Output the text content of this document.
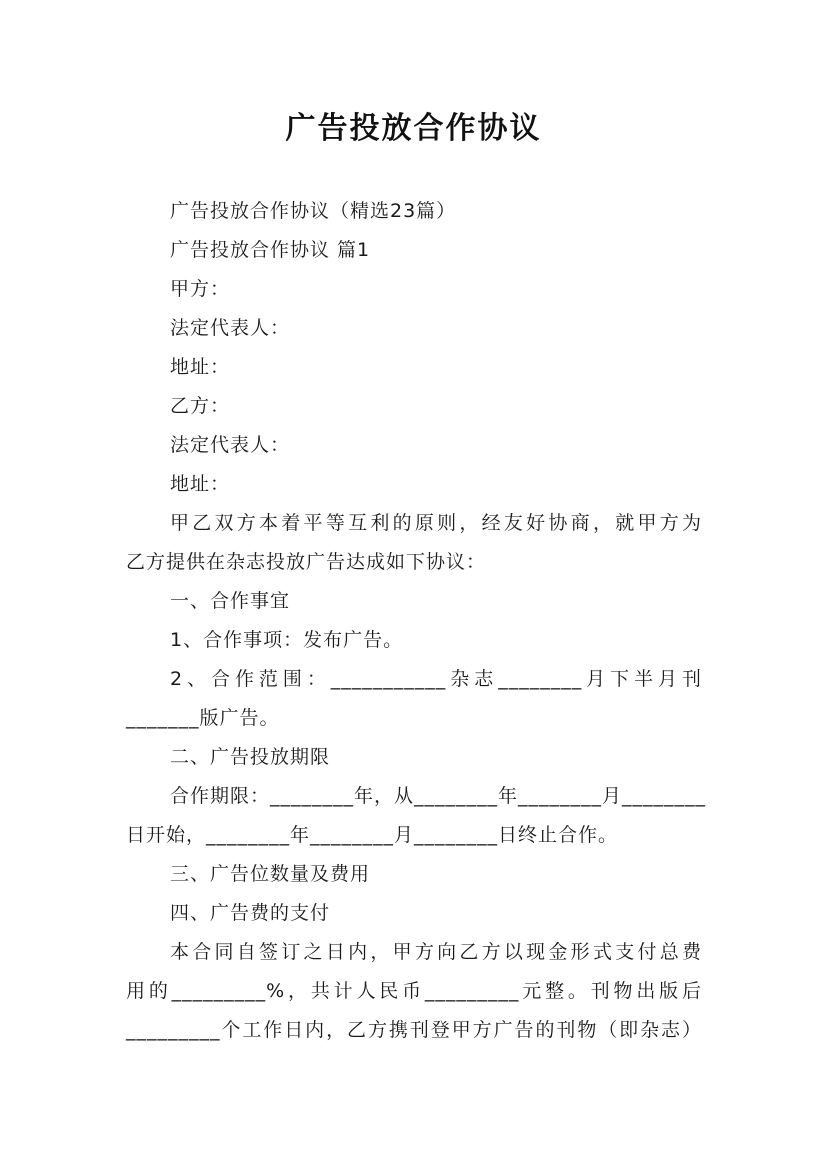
广告投放合作协议
广告投放合作协议（精选23篇）
广告投放合作协议 篇1
甲方：
法定代表人：
地址：
乙方：
法定代表人：
地址：
甲乙双方本着平等互利的原则，经友好协商，就甲方为
乙方提供在杂志投放广告达成如下协议：
一、合作事宜
1、合作事项：发布广告。
2、合作范围：___________杂志________月下半月刊
_______版广告。
二、广告投放期限
合作期限：________年，从________年________月________
日开始，________年________月________日终止合作。
三、广告位数量及费用
四、广告费的支付
本合同自签订之日内，甲方向乙方以现金形式支付总费
用的_________%，共计人民币_________元整。刊物出版后
_________个工作日内，乙方携刊登甲方广告的刊物（即杂志）
